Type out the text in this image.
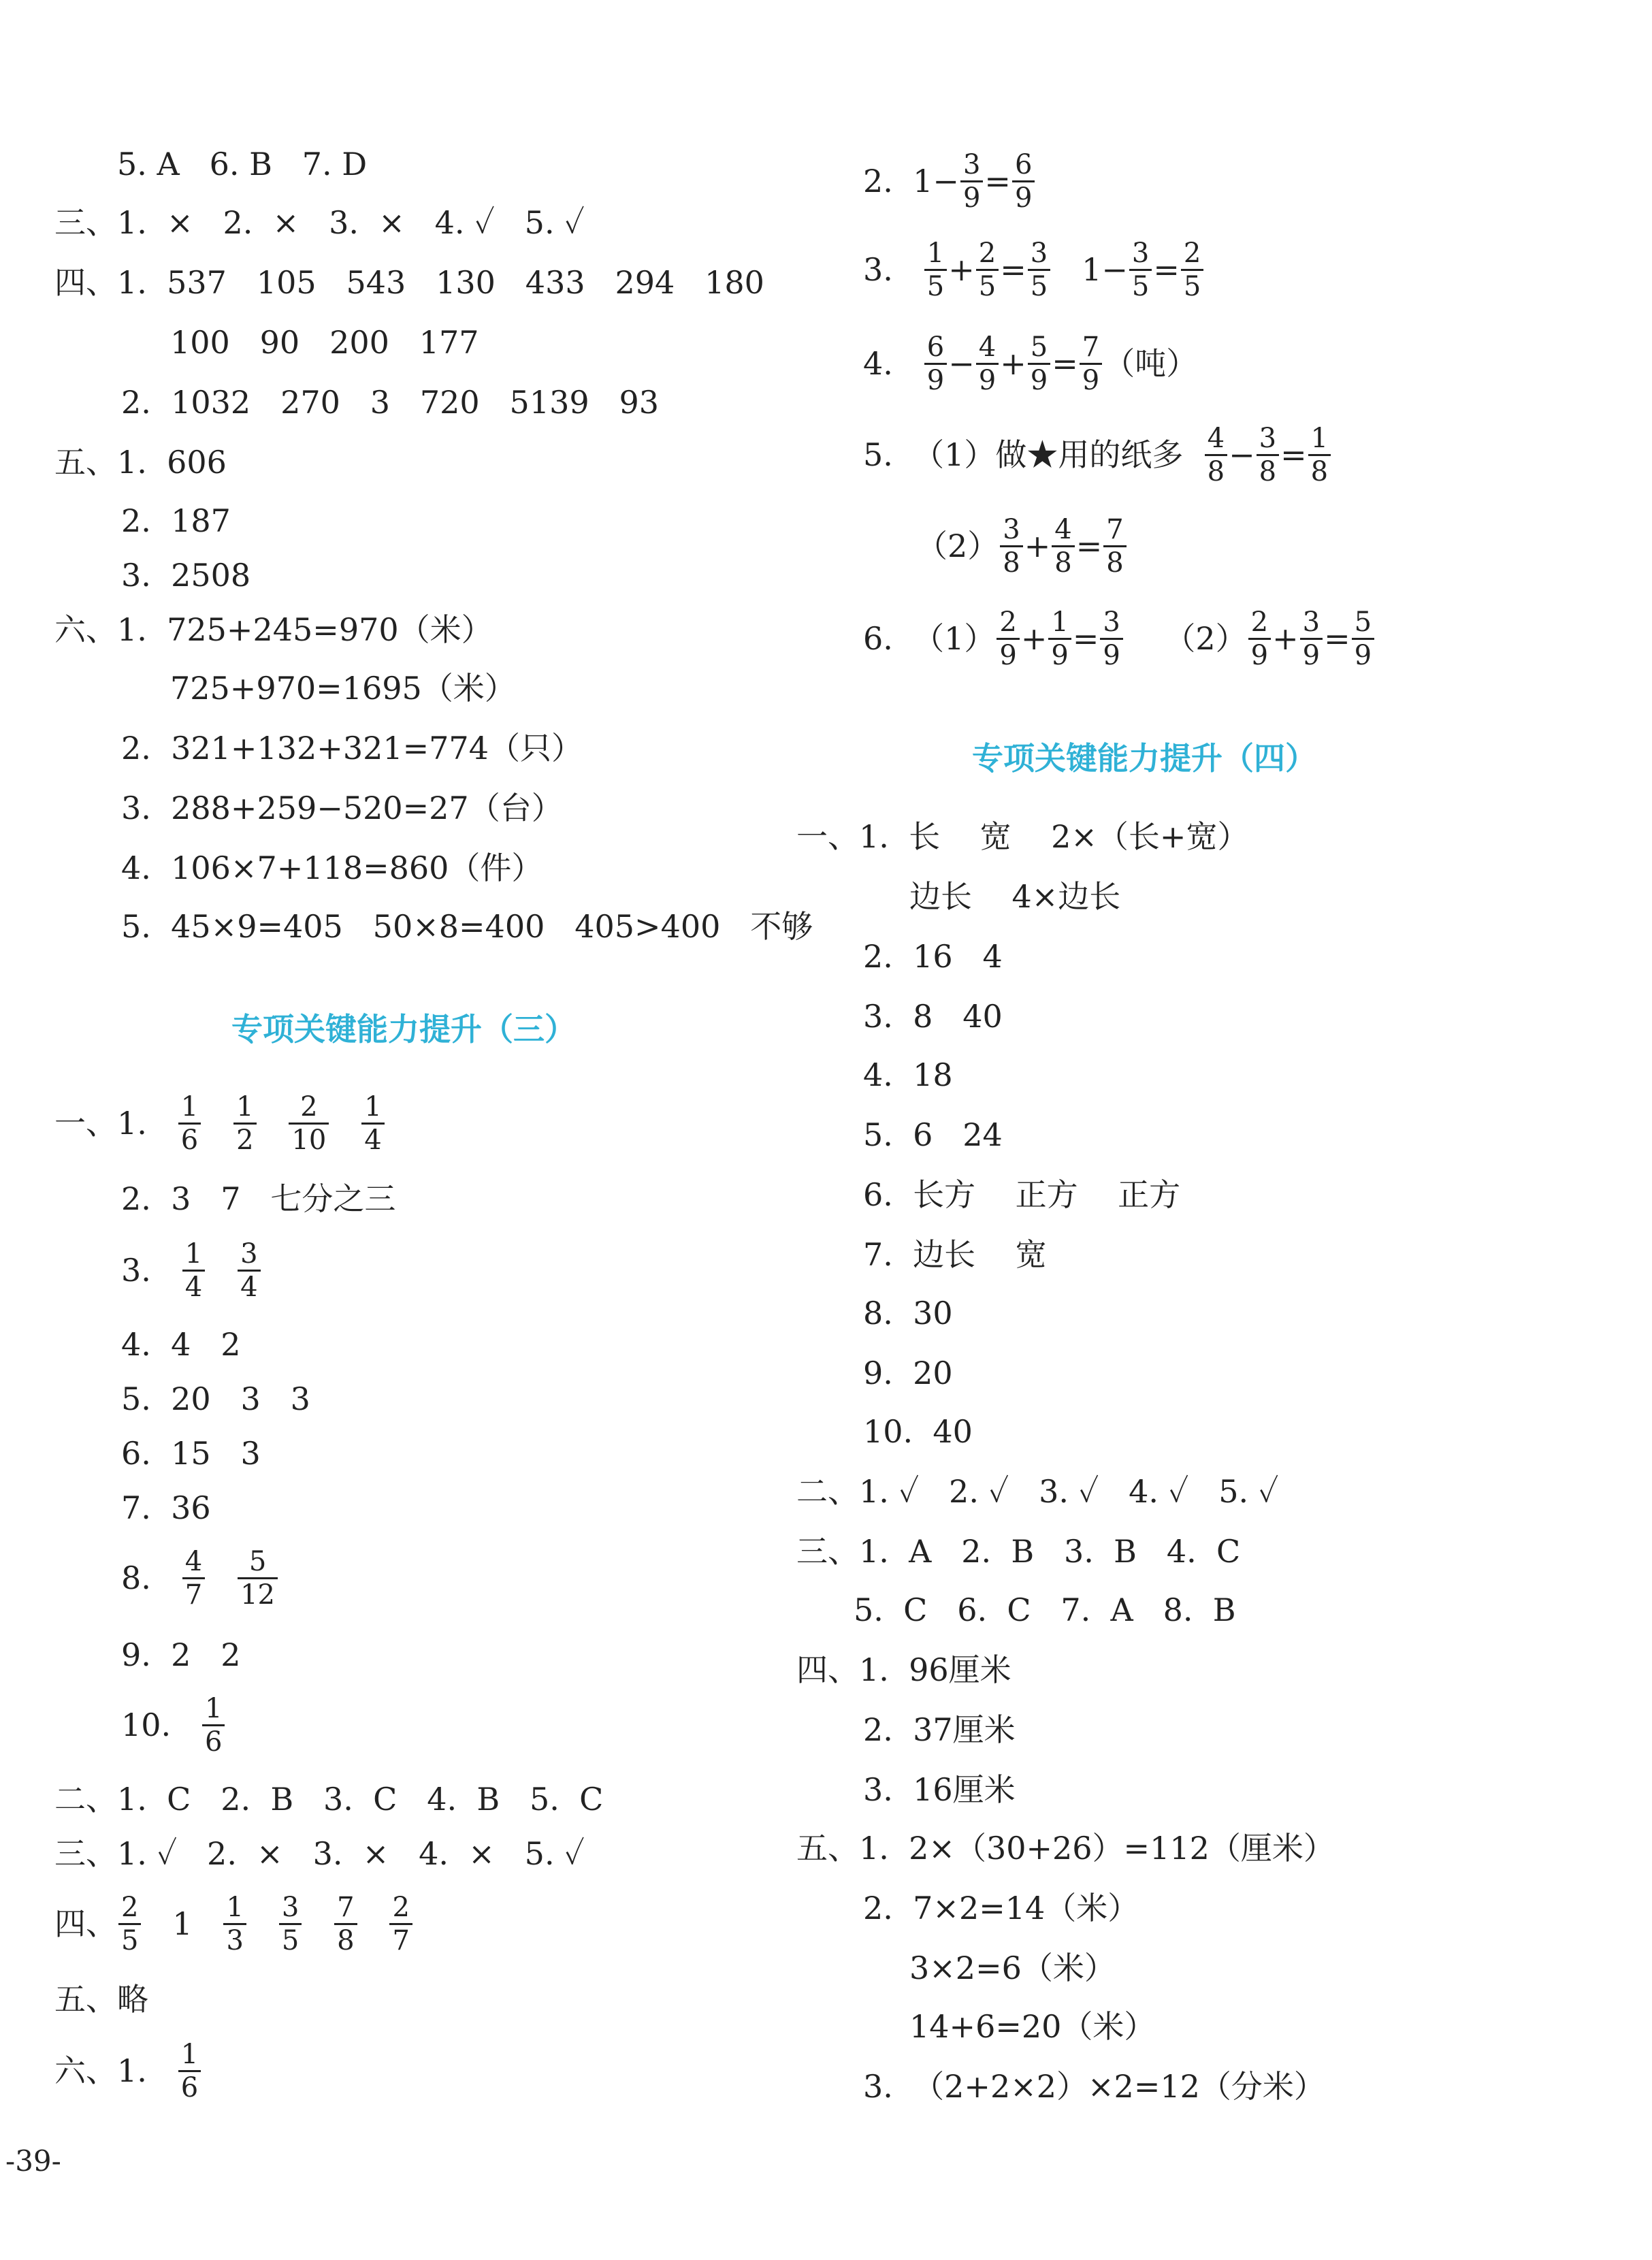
5. A   6. B   7. D
三、1.  ×   2.  ×   3.  ×   4. ✓   5. ✓
四、1.  537   105   543   130   433   294   180
100   90   200   177
2.  1032   270   3   720   5139   93
五、1.  606
2.  187
3.  2508
六、1.  725+245=970（米）
725+970=1695（米）
2.  321+132+321=774（只）
3.  288+259−520=27（台）
4.  106×7+118=860（件）
5.  45×9=405   50×8=400   405>400   不够
专项关键能力提升（三）
一、1.
$\frac{1}{6}$
$\frac{1}{2}$
$\frac{2}{10}$
$\frac{1}{4}$
2.  3   7   七分之三
3.
$\frac{1}{4}$
$\frac{3}{4}$
4.  4   2
5.  20   3   3
6.  15   3
7.  36
8.
$\frac{4}{7}$
$\frac{5}{12}$
9.  2   2
10.
$\frac{1}{6}$
二、1.  C   2.  B   3.  C   4.  B   5.  C
三、1. ✓   2.  ×   3.  ×   4.  ×   5. ✓
四、 $\frac{2}{5}$
1
$\frac{1}{3}$
$\frac{3}{5}$
$\frac{7}{8}$
$\frac{2}{7}$
五、略
六、1.
$\frac{1}{6}$
2.  $1- \frac{3}{9} = \frac{6}{9}$
3.
$\frac{1}{5} + \frac{2}{5} = \frac{3}{5} 1- \frac{3}{5} = \frac{2}{5}$
4.
$\frac{6}{9} - \frac{4}{9} + \frac{5}{9} = \frac{7}{9}$ （吨）
5.  （1）做★用的纸多 $\frac{4}{8} - \frac{3}{8} = \frac{1}{8}$
$(2) \frac{3}{8} + \frac{4}{8} = \frac{7}{8}$
6.  $(1) \frac{2}{9} + \frac{1}{9} = \frac{3}{9} (2) \frac{2}{9} + \frac{3}{9} = \frac{5}{9}$
专项关键能力提升（四）
一、1.  长    宽    2×（长+宽）
边长    4×边长
2.  16   4
3.  8   40
4.  18
5.  6   24
6.  长方    正方    正方
7.  边长    宽
8.  30
9.  20
10.  40
二、1. ✓   2. ✓   3. ✓   4. ✓   5. ✓
三、1.  A   2.  B   3.  B   4.  C
5.  C   6.  C   7.  A   8.  B
四、1.  96厘米
2.  37厘米
3.  16厘米
五、1.  2×（30+26）=112（厘米）
2.  7×2=14（米）
3×2=6（米）
14+6=20（米）
3.  （2+2×2）×2=12（分米）
-39-
